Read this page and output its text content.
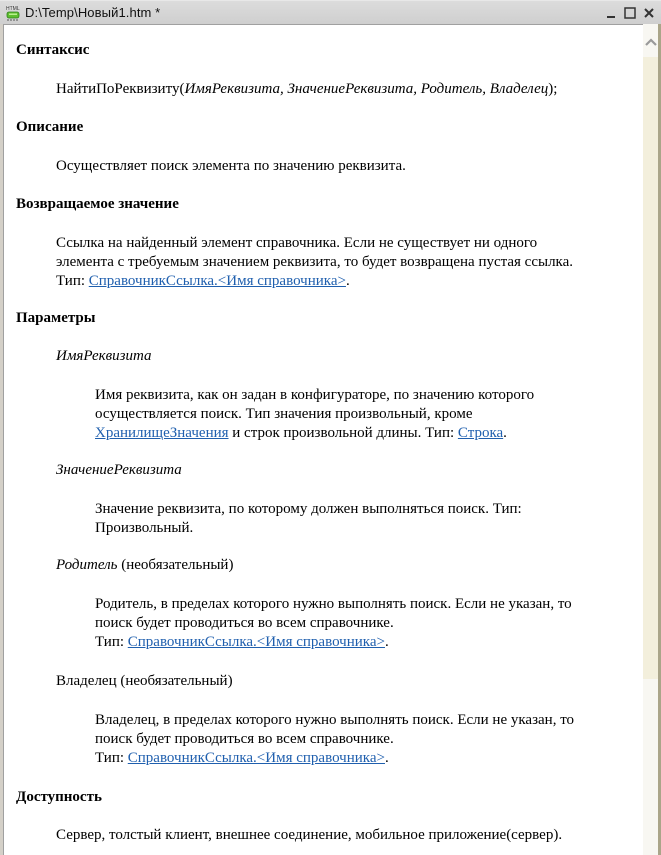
HTML D:\Temp\Новый1.htm *
Синтаксис
НайтиПоРеквизиту(ИмяРеквизита, ЗначениеРеквизита, Родитель, Владелец);
Описание
Осуществляет поиск элемента по значению реквизита.
Возвращаемое значение
Ссылка на найденный элемент справочника. Если не существует ни одного
элемента с требуемым значением реквизита, то будет возвращена пустая ссылка.
Тип: СправочникСсылка.<Имя справочника>.
Параметры
ИмяРеквизита
Имя реквизита, как он задан в конфигураторе, по значению которого
осуществляется поиск. Тип значения произвольный, кроме
ХранилищеЗначения и строк произвольной длины. Тип: Строка.
ЗначениеРеквизита
Значение реквизита, по которому должен выполняться поиск. Тип:
Произвольный.
Родитель (необязательный)
Родитель, в пределах которого нужно выполнять поиск. Если не указан, то
поиск будет проводиться во всем справочнике.
Тип: СправочникСсылка.<Имя справочника>.
Владелец (необязательный)
Владелец, в пределах которого нужно выполнять поиск. Если не указан, то
поиск будет проводиться во всем справочнике.
Тип: СправочникСсылка.<Имя справочника>.
Доступность
Сервер, толстый клиент, внешнее соединение, мобильное приложение(сервер).
